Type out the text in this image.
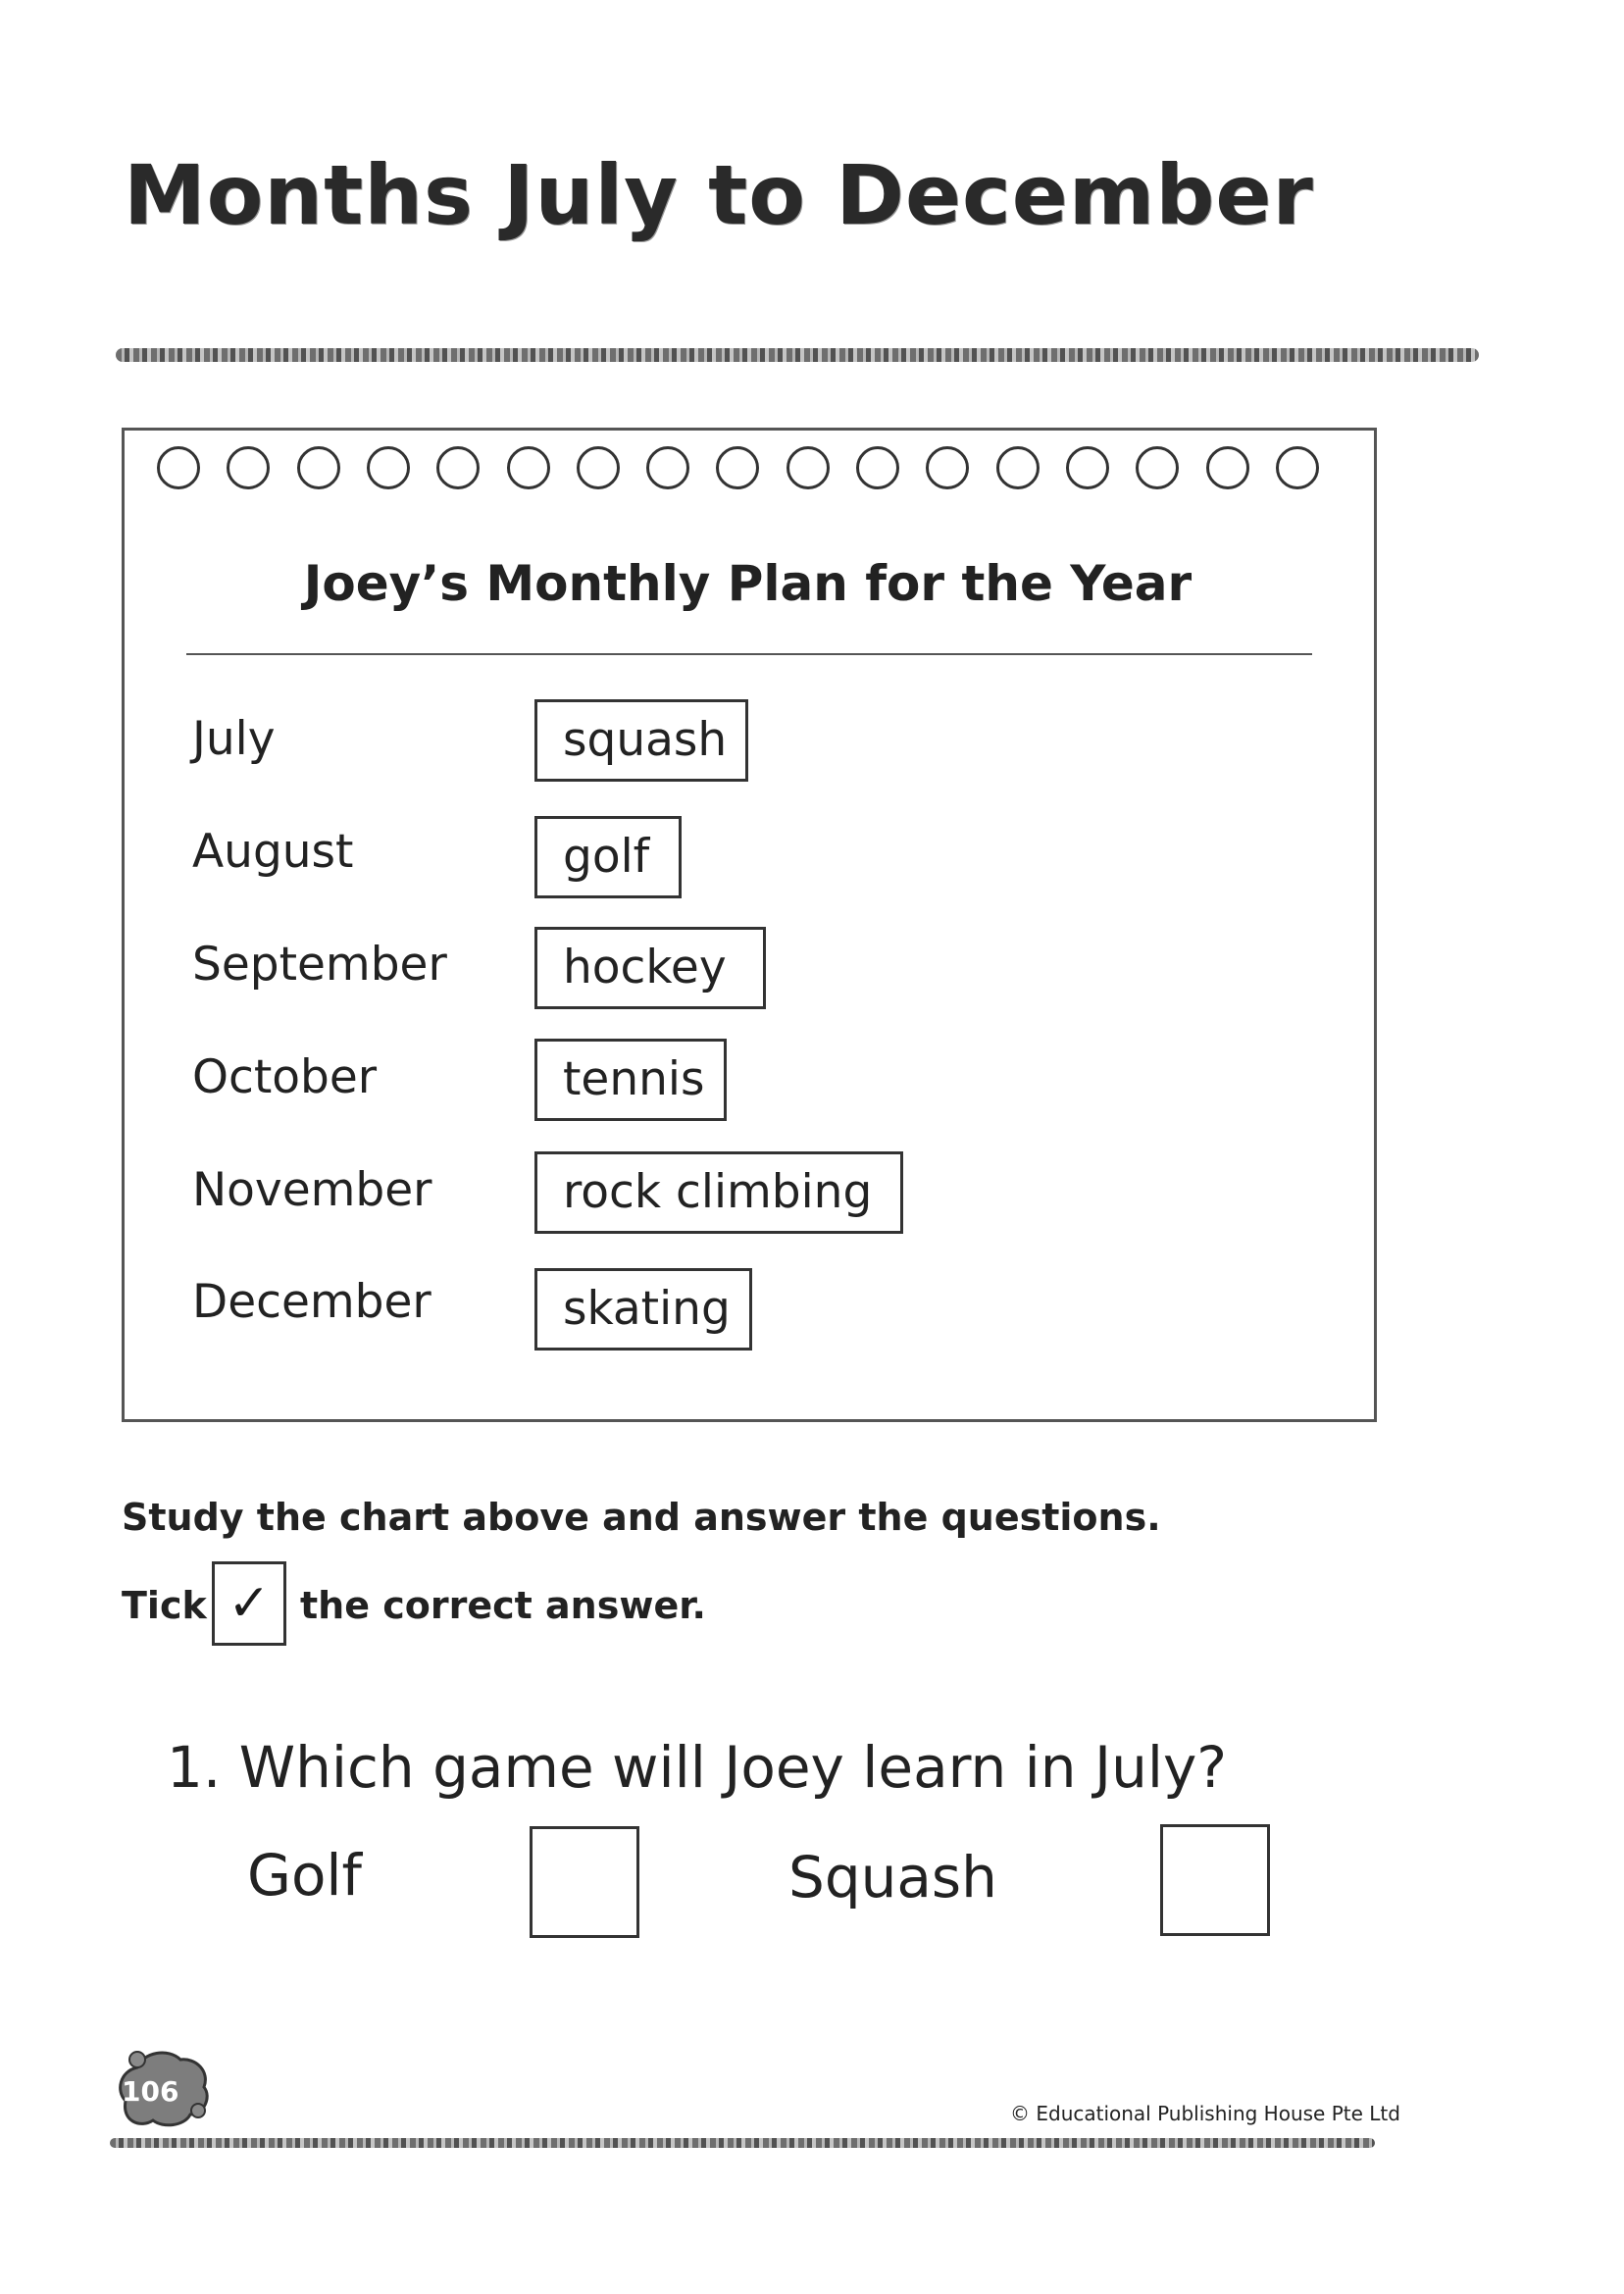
Months July to December
Joey’s Monthly Plan for the Year
July	squash
August	golf
September	hockey
October	tennis
November	rock climbing
December	skating
Study the chart above and answer the questions.
Tick ✓ the correct answer.
1. Which game will Joey learn in July?
Golf	Squash
106
© Educational Publishing House Pte Ltd
